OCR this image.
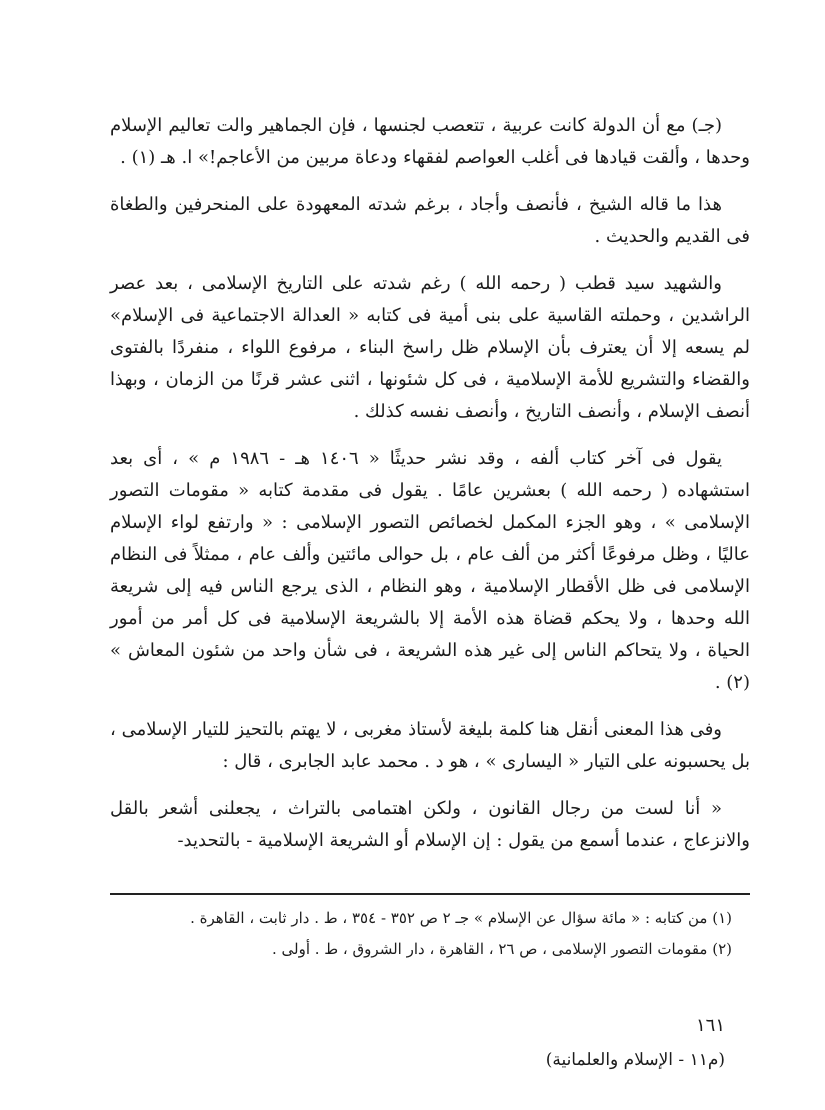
(جـ) مع أن الدولة كانت عربية ، تتعصب لجنسها ، فإن الجماهير والت تعاليم الإسلام وحدها ، وألقت قيادها فى أغلب العواصم لفقهاء ودعاة مربين من الأعاجم!» ا. هـ (١) .

هذا ما قاله الشيخ ، فأنصف وأجاد ، برغم شدته المعهودة على المنحرفين والطغاة فى القديم والحديث .

والشهيد سيد قطب ( رحمه الله ) رغم شدته على التاريخ الإسلامى ، بعد عصر الراشدين ، وحملته القاسية على بنى أمية فى كتابه « العدالة الاجتماعية فى الإسلام» لم يسعه إلا أن يعترف بأن الإسلام ظل راسخ البناء ، مرفوع اللواء ، منفردًا بالفتوى والقضاء والتشريع للأمة الإسلامية ، فى كل شئونها ، اثنى عشر قرنًا من الزمان ، وبهذا أنصف الإسلام ، وأنصف التاريخ ، وأنصف نفسه كذلك .

يقول فى آخر كتاب ألفه ، وقد نشر حديثًا « ١٤٠٦ هـ - ١٩٨٦ م » ، أى بعد استشهاده ( رحمه الله ) بعشرين عامًا . يقول فى مقدمة كتابه « مقومات التصور الإسلامى » ، وهو الجزء المكمل لخصائص التصور الإسلامى : « وارتفع لواء الإسلام عاليًا ، وظل مرفوعًا أكثر من ألف عام ، بل حوالى مائتين وألف عام ، ممثلاً فى النظام الإسلامى فى ظل الأقطار الإسلامية ، وهو النظام ، الذى يرجع الناس فيه إلى شريعة الله وحدها ، ولا يحكم قضاة هذه الأمة إلا بالشريعة الإسلامية فى كل أمر من أمور الحياة ، ولا يتحاكم الناس إلى غير هذه الشريعة ، فى شأن واحد من شئون المعاش » (٢) .

وفى هذا المعنى أنقل هنا كلمة بليغة لأستاذ مغربى ، لا يهتم بالتحيز للتيار الإسلامى ، بل يحسبونه على التيار « اليسارى » ، هو د . محمد عابد الجابرى ، قال :

« أنا لست من رجال القانون ، ولكن اهتمامى بالتراث ، يجعلنى أشعر بالقل والانزعاج ، عندما أسمع من يقول : إن الإسلام أو الشريعة الإسلامية - بالتحديد-

(١) من كتابه : « مائة سؤال عن الإسلام » جـ ٢ ص ٣٥٢ - ٣٥٤ ، ط . دار ثابت ، القاهرة .

(٢) مقومات التصور الإسلامى ، ص ٢٦ ، القاهرة ، دار الشروق ، ط . أولى .

١٦١
(م١١ - الإسلام والعلمانية)
